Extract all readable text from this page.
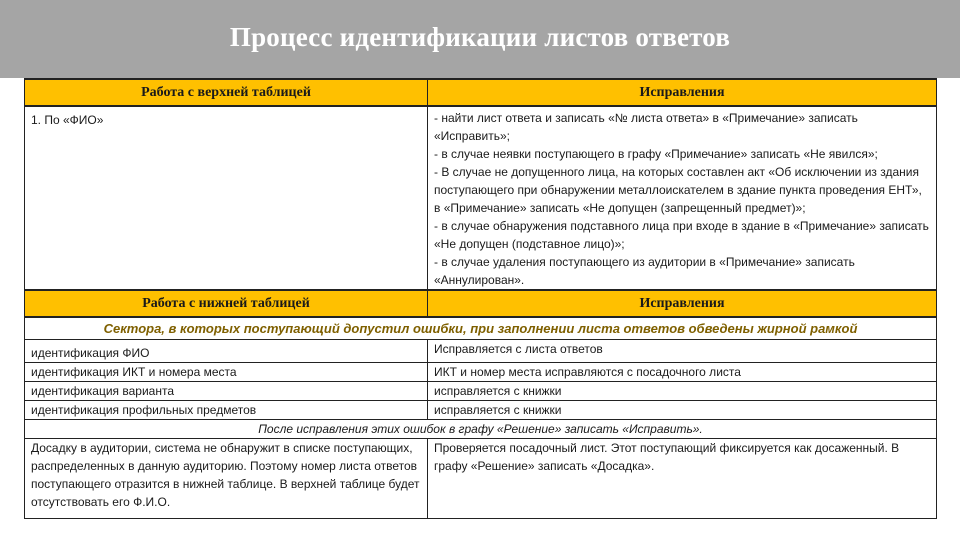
Процесс идентификации листов ответов
Работа с верхней таблицей	Исправления
1. По «ФИО»	- найти лист ответа и записать «№ листа ответа» в «Примечание» записать «Исправить»;
- в случае неявки поступающего в графу «Примечание» записать «Не явился»;
- В случае не допущенного лица, на которых составлен акт «Об исключении из здания поступающего при обнаружении металлоискателем в здание пункта проведения ЕНТ», в «Примечание» записать «Не допущен (запрещенный предмет)»;
- в случае обнаружения подставного лица при входе в здание в «Примечание» записать «Не допущен (подставное лицо)»;
- в случае удаления поступающего из аудитории в «Примечание» записать «Аннулирован».

Работа с нижней таблицей	Исправления
Сектора, в которых поступающий допустил ошибки, при заполнении листа ответов обведены жирной рамкой	
идентификация ФИО	Исправляется с листа ответов
идентификация ИКТ и номера места	ИКТ и номер места исправляются с посадочного листа
идентификация варианта	исправляется с книжки
идентификация профильных предметов	исправляется с книжки
После исправления этих ошибок в графу «Решение» записать «Исправить».	
Досадку в аудитории, система не обнаружит в списке поступающих, распределенных в данную аудиторию. Поэтому номер листа ответов поступающего отразится в нижней таблице. В верхней таблице будет отсутствовать его Ф.И.О.	Проверяется посадочный лист. Этот поступающий фиксируется как досаженный. В графу «Решение» записать «Досадка».
